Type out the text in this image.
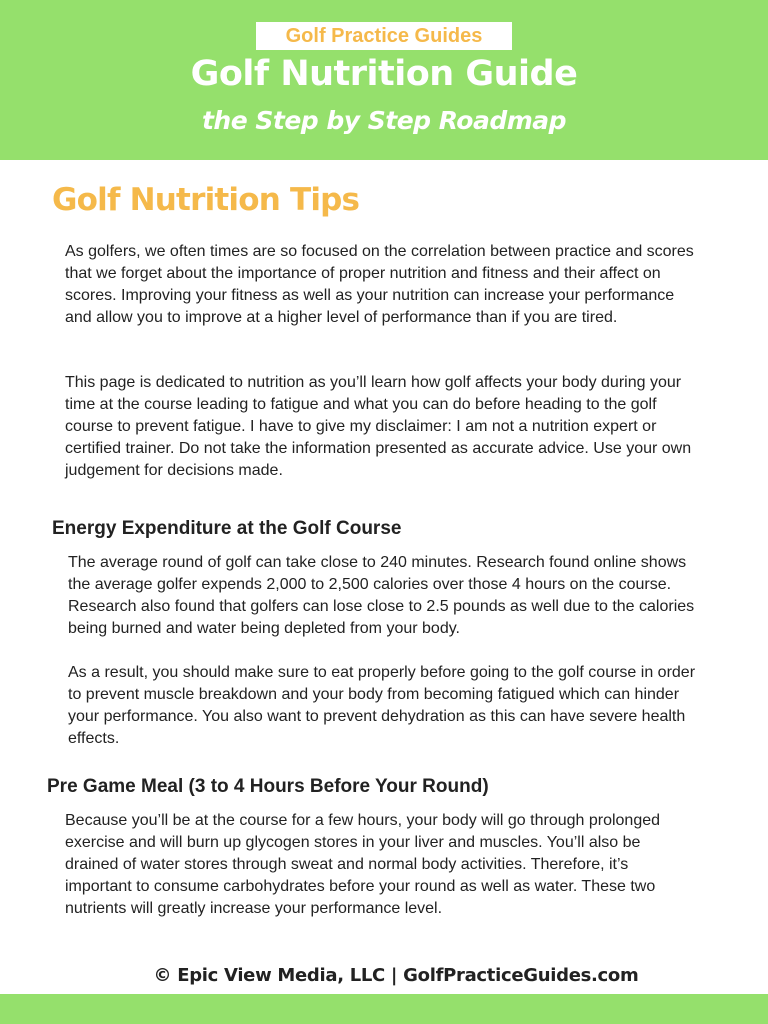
Golf Practice Guides
Golf Nutrition Guide
the Step by Step Roadmap
Golf Nutrition Tips

As golfers, we often times are so focused on the correlation between practice and scores that we forget about the importance of proper nutrition and fitness and their affect on scores. Improving your fitness as well as your nutrition can increase your performance and allow you to improve at a higher level of performance than if you are tired.

This page is dedicated to nutrition as you’ll learn how golf affects your body during your time at the course leading to fatigue and what you can do before heading to the golf course to prevent fatigue. I have to give my disclaimer: I am not a nutrition expert or certified trainer. Do not take the information presented as accurate advice. Use your own judgement for decisions made.

Energy Expenditure at the Golf Course

The average round of golf can take close to 240 minutes. Research found online shows the average golfer expends 2,000 to 2,500 calories over those 4 hours on the course. Research also found that golfers can lose close to 2.5 pounds as well due to the calories being burned and water being depleted from your body.

As a result, you should make sure to eat properly before going to the golf course in order to prevent muscle breakdown and your body from becoming fatigued which can hinder your performance. You also want to prevent dehydration as this can have severe health effects.

Pre Game Meal (3 to 4 Hours Before Your Round)

Because you’ll be at the course for a few hours, your body will go through prolonged exercise and will burn up glycogen stores in your liver and muscles. You’ll also be drained of water stores through sweat and normal body activities. Therefore, it’s important to consume carbohydrates before your round as well as water. These two nutrients will greatly increase your performance level.

© Epic View Media, LLC | GolfPracticeGuides.com
